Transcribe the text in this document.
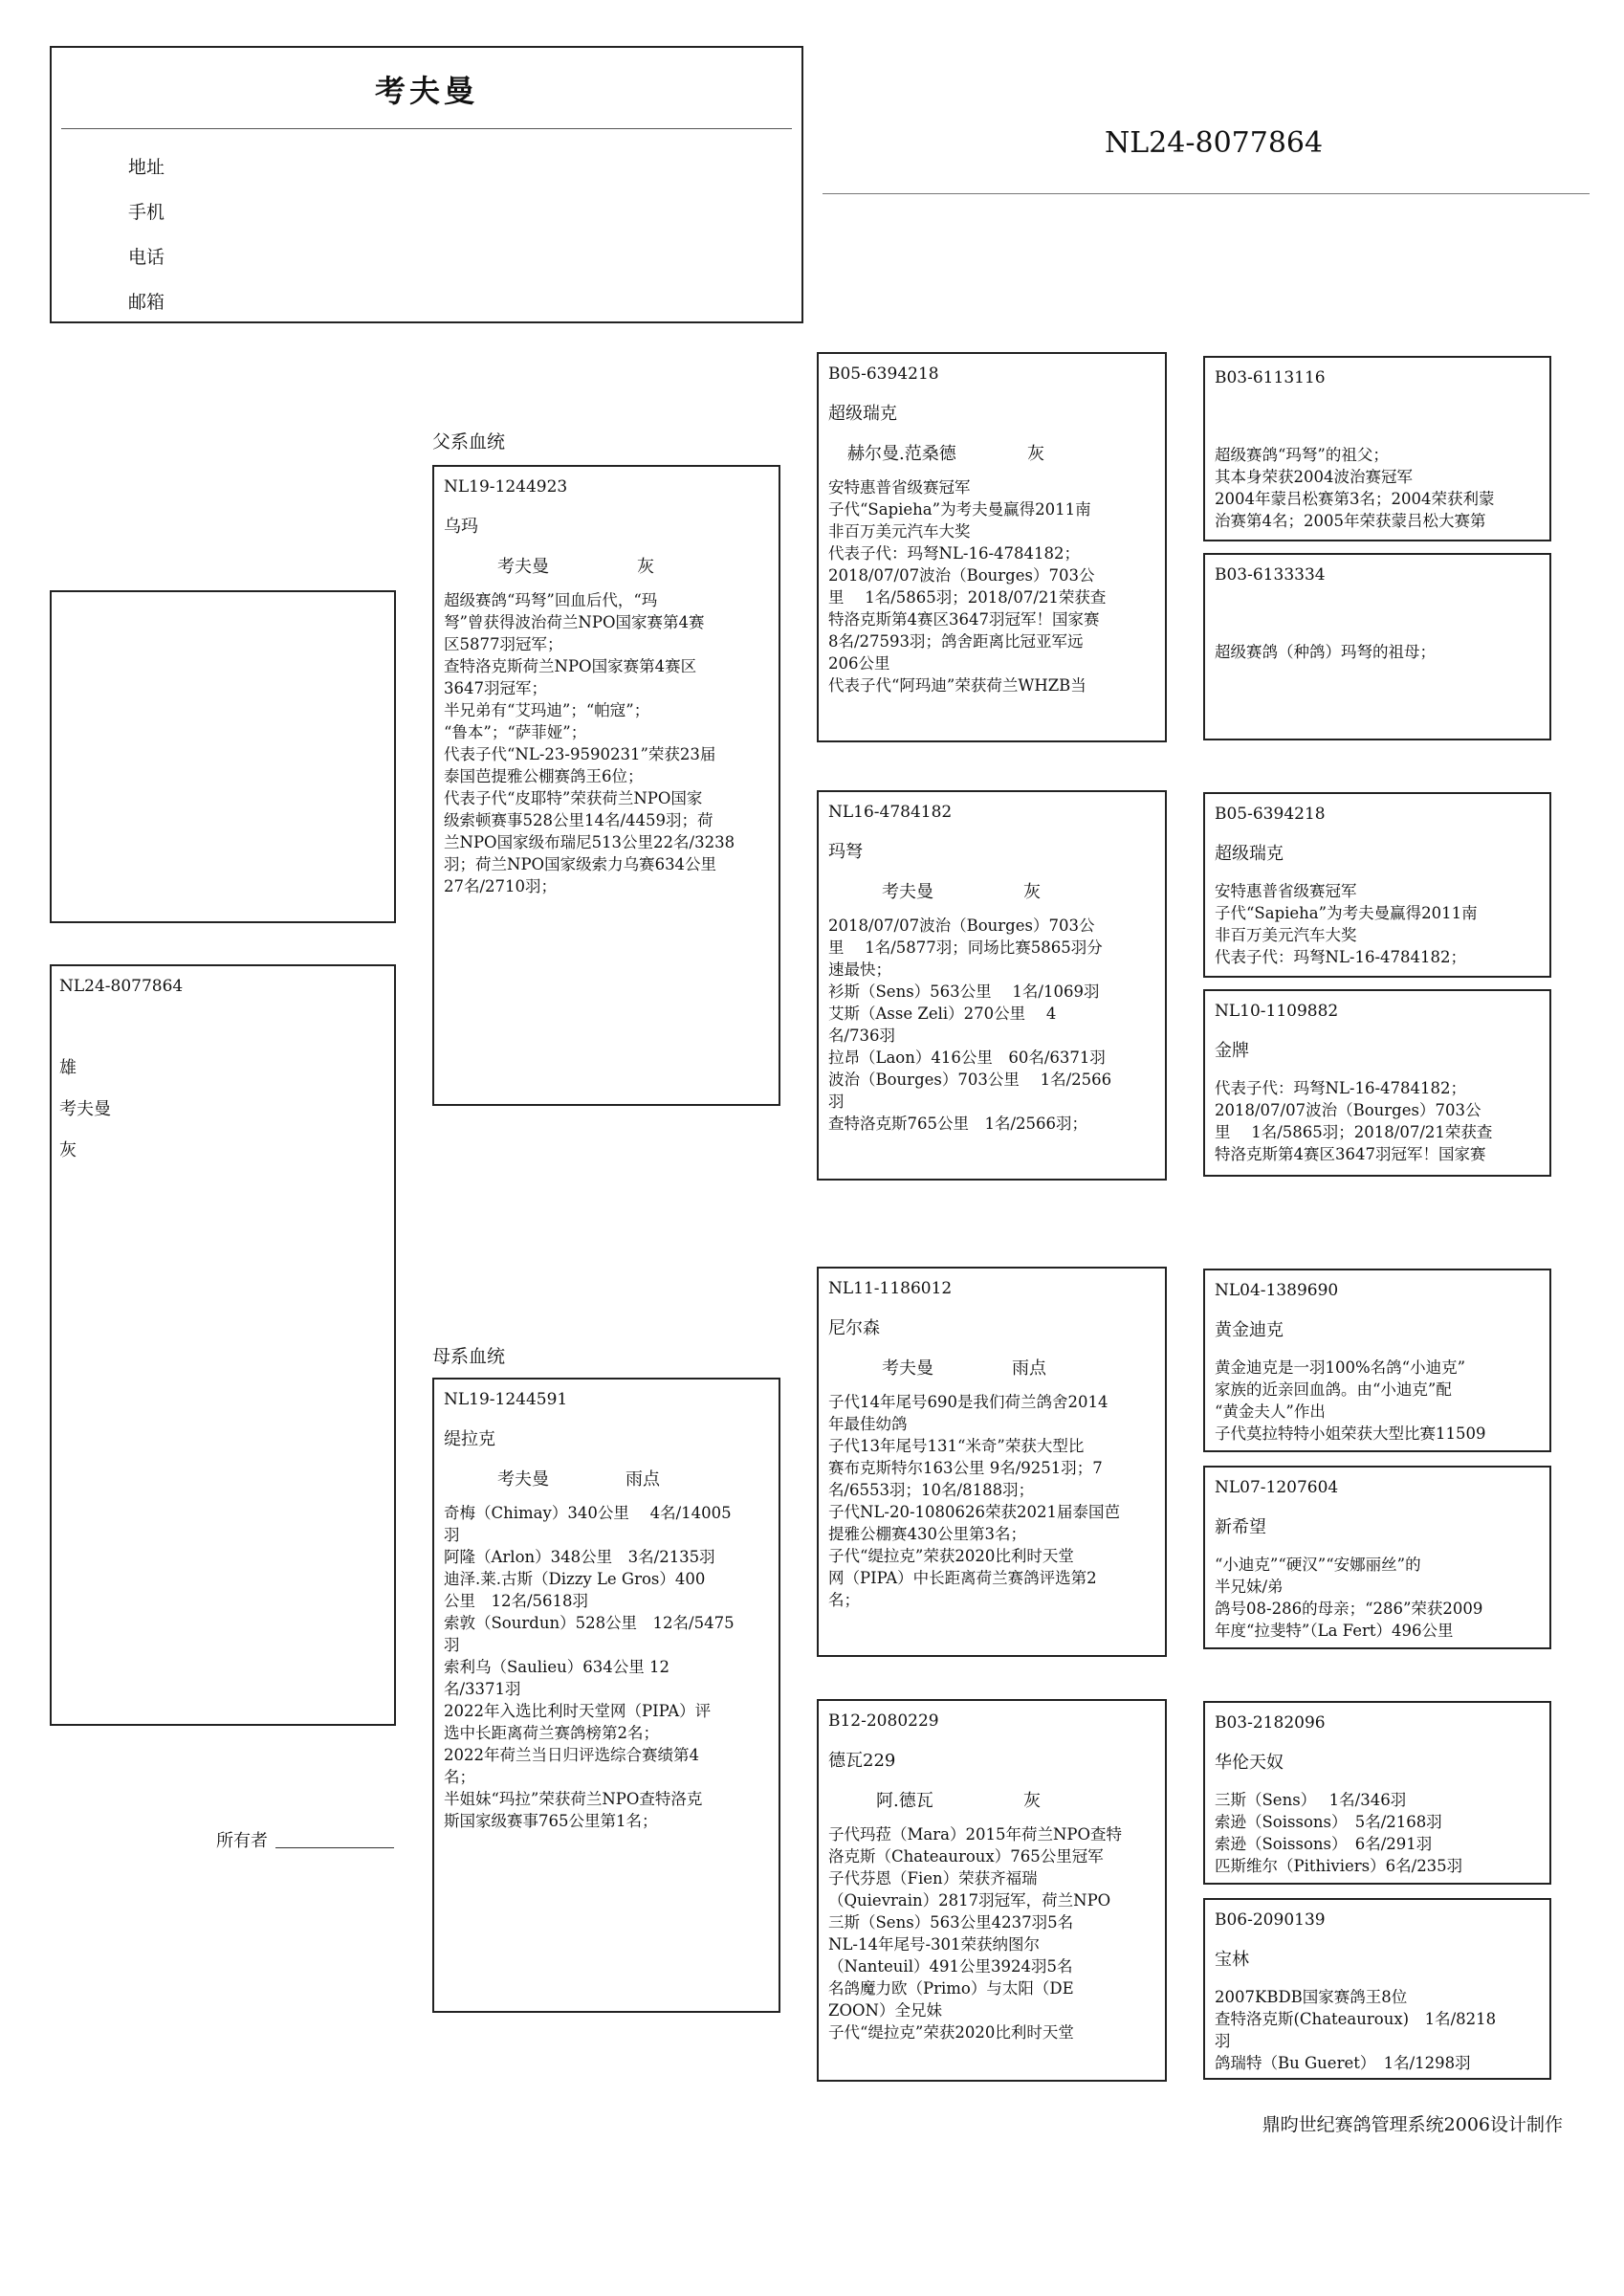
考夫曼
地址
手机
电话
邮箱
NL24-8077864
NL24-8077864
雄
考夫曼
灰
所有者
父系血统
NL19-1244923
乌玛
考夫曼	灰
超级赛鸽“玛弩”回血后代，“玛
弩”曾获得波治荷兰NPO国家赛第4赛
区5877羽冠军；
查特洛克斯荷兰NPO国家赛第4赛区
3647羽冠军；
半兄弟有“艾玛迪”；“帕寇”；
“鲁本”；“萨菲娅”；
代表子代“NL-23-9590231”荣获23届
泰国芭提雅公棚赛鸽王6位；
代表子代“皮耶特”荣获荷兰NPO国家
级索顿赛事528公里14名/4459羽；荷
兰NPO国家级布瑞尼513公里22名/3238
羽；荷兰NPO国家级索力乌赛634公里
27名/2710羽；
母系血统
NL19-1244591
缇拉克
考夫曼	雨点
奇梅（Chimay）340公里　 4名/14005
羽
阿隆（Arlon）348公里　3名/2135羽
迪泽.莱.古斯（Dizzy Le Gros）400
公里　12名/5618羽
索敦（Sourdun）528公里　12名/5475
羽
索利乌（Saulieu）634公里 12
名/3371羽
2022年入选比利时天堂网（PIPA）评
选中长距离荷兰赛鸽榜第2名；
2022年荷兰当日归评选综合赛绩第4
名；
半姐妹“玛拉”荣获荷兰NPO查特洛克
斯国家级赛事765公里第1名；
B05-6394218
超级瑞克
赫尔曼.范桑德	灰
安特惠普省级赛冠军
子代“Sapieha”为考夫曼赢得2011南
非百万美元汽车大奖
代表子代：玛弩NL-16-4784182；
2018/07/07波治（Bourges）703公
里　 1名/5865羽；2018/07/21荣获查
特洛克斯第4赛区3647羽冠军！国家赛
8名/27593羽；鸽舍距离比冠亚军远
206公里
代表子代“阿玛迪”荣获荷兰WHZB当
NL16-4784182
玛弩
考夫曼	灰
2018/07/07波治（Bourges）703公
里　 1名/5877羽；同场比赛5865羽分
速最快；
衫斯（Sens）563公里　 1名/1069羽
艾斯（Asse Zeli）270公里　 4
名/736羽
拉昂（Laon）416公里　60名/6371羽
波治（Bourges）703公里　 1名/2566
羽
查特洛克斯765公里　1名/2566羽；
NL11-1186012
尼尔森
考夫曼	雨点
子代14年尾号690是我们荷兰鸽舍2014
年最佳幼鸽
子代13年尾号131“米奇”荣获大型比
赛布克斯特尔163公里 9名/9251羽；7
名/6553羽；10名/8188羽；
子代NL-20-1080626荣获2021届泰国芭
提雅公棚赛430公里第3名；
子代“缇拉克”荣获2020比利时天堂
网（PIPA）中长距离荷兰赛鸽评选第2
名；
B12-2080229
德瓦229
阿.德瓦	灰
子代玛菈（Mara）2015年荷兰NPO查特
洛克斯（Chateauroux）765公里冠军
子代芬恩（Fien）荣获齐福瑞
（Quievrain）2817羽冠军，荷兰NPO
三斯（Sens）563公里4237羽5名
NL-14年尾号-301荣获纳图尔
（Nanteuil）491公里3924羽5名
名鸽魔力欧（Primo）与太阳（DE
ZOON）全兄妹
子代“缇拉克”荣获2020比利时天堂
B03-6113116
超级赛鸽“玛弩”的祖父；
其本身荣获2004波治赛冠军
2004年蒙吕松赛第3名；2004荣获利蒙
治赛第4名；2005年荣获蒙吕松大赛第
B03-6133334
超级赛鸽（种鸽）玛弩的祖母；
B05-6394218
超级瑞克
安特惠普省级赛冠军
子代“Sapieha”为考夫曼赢得2011南
非百万美元汽车大奖
代表子代：玛弩NL-16-4784182；
NL10-1109882
金牌
代表子代：玛弩NL-16-4784182；
2018/07/07波治（Bourges）703公
里　 1名/5865羽；2018/07/21荣获查
特洛克斯第4赛区3647羽冠军！国家赛
NL04-1389690
黄金迪克
黄金迪克是一羽100%名鸽“小迪克”
家族的近亲回血鸽。由“小迪克”配
“黄金夫人”作出
子代莫拉特特小姐荣获大型比赛11509
NL07-1207604
新希望
“小迪克”“硬汉”“安娜丽丝”的
半兄妹/弟
鸽号08-286的母亲；“286”荣获2009
年度“拉斐特”（La Fert）496公里
B03-2182096
华伦天奴
三斯（Sens）　 1名/346羽
索逊（Soissons）　5名/2168羽
索逊（Soissons）　6名/291羽
匹斯维尔（Pithiviers）6名/235羽
B06-2090139
宝林
2007KBDB国家赛鸽王8位
查特洛克斯(Chateauroux)　1名/8218
羽
鸽瑞特（Bu Gueret）　1名/1298羽
鼎昀世纪赛鸽管理系统2006设计制作
